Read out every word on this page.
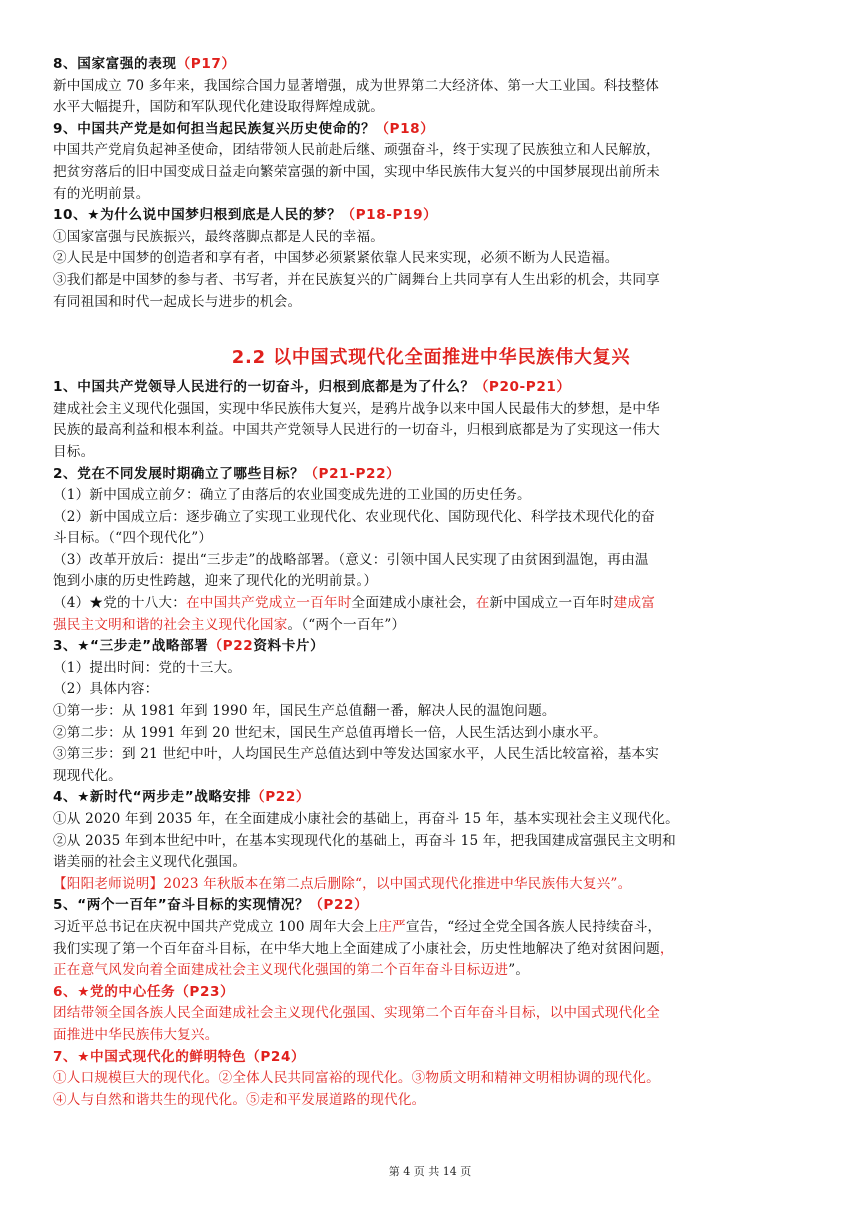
8、国家富强的表现（P17）
新中国成立 70 多年来，我国综合国力显著增强，成为世界第二大经济体、第一大工业国。科技整体
水平大幅提升，国防和军队现代化建设取得辉煌成就。
9、中国共产党是如何担当起民族复兴历史使命的？（P18）
中国共产党肩负起神圣使命，团结带领人民前赴后继、顽强奋斗，终于实现了民族独立和人民解放，
把贫穷落后的旧中国变成日益走向繁荣富强的新中国，实现中华民族伟大复兴的中国梦展现出前所未
有的光明前景。
10、★为什么说中国梦归根到底是人民的梦？（P18-P19）
①国家富强与民族振兴，最终落脚点都是人民的幸福。
②人民是中国梦的创造者和享有者，中国梦必须紧紧依靠人民来实现，必须不断为人民造福。
③我们都是中国梦的参与者、书写者，并在民族复兴的广阔舞台上共同享有人生出彩的机会，共同享
有同祖国和时代一起成长与进步的机会。
2.2 以中国式现代化全面推进中华民族伟大复兴
1、中国共产党领导人民进行的一切奋斗，归根到底都是为了什么？（P20-P21）
建成社会主义现代化强国，实现中华民族伟大复兴，是鸦片战争以来中国人民最伟大的梦想，是中华
民族的最高利益和根本利益。中国共产党领导人民进行的一切奋斗，归根到底都是为了实现这一伟大
目标。
2、党在不同发展时期确立了哪些目标？（P21-P22）
（1）新中国成立前夕：确立了由落后的农业国变成先进的工业国的历史任务。
（2）新中国成立后：逐步确立了实现工业现代化、农业现代化、国防现代化、科学技术现代化的奋
斗目标。（“四个现代化”）
（3）改革开放后：提出“三步走”的战略部署。（意义：引领中国人民实现了由贫困到温饱，再由温
饱到小康的历史性跨越，迎来了现代化的光明前景。）
（4）★党的十八大：在中国共产党成立一百年时全面建成小康社会，在新中国成立一百年时建成富
强民主文明和谐的社会主义现代化国家。（“两个一百年”）
3、★“三步走”战略部署（P22资料卡片）
（1）提出时间：党的十三大。
（2）具体内容：
①第一步：从 1981 年到 1990 年，国民生产总值翻一番，解决人民的温饱问题。
②第二步：从 1991 年到 20 世纪末，国民生产总值再增长一倍，人民生活达到小康水平。
③第三步：到 21 世纪中叶，人均国民生产总值达到中等发达国家水平，人民生活比较富裕，基本实
现现代化。
4、★新时代“两步走”战略安排（P22）
①从 2020 年到 2035 年，在全面建成小康社会的基础上，再奋斗 15 年，基本实现社会主义现代化。
②从 2035 年到本世纪中叶，在基本实现现代化的基础上，再奋斗 15 年，把我国建成富强民主文明和
谐美丽的社会主义现代化强国。
【阳阳老师说明】2023 年秋版本在第二点后删除“，以中国式现代化推进中华民族伟大复兴”。
5、“两个一百年”奋斗目标的实现情况？（P22）
习近平总书记在庆祝中国共产党成立 100 周年大会上庄严宣告，“经过全党全国各族人民持续奋斗，
我们实现了第一个百年奋斗目标，在中华大地上全面建成了小康社会，历史性地解决了绝对贫困问题，
正在意气风发向着全面建成社会主义现代化强国的第二个百年奋斗目标迈进”。
6、★党的中心任务（P23）
团结带领全国各族人民全面建成社会主义现代化强国、实现第二个百年奋斗目标，以中国式现代化全
面推进中华民族伟大复兴。
7、★中国式现代化的鲜明特色（P24）
①人口规模巨大的现代化。②全体人民共同富裕的现代化。③物质文明和精神文明相协调的现代化。
④人与自然和谐共生的现代化。⑤走和平发展道路的现代化。
第 4 页 共 14 页
